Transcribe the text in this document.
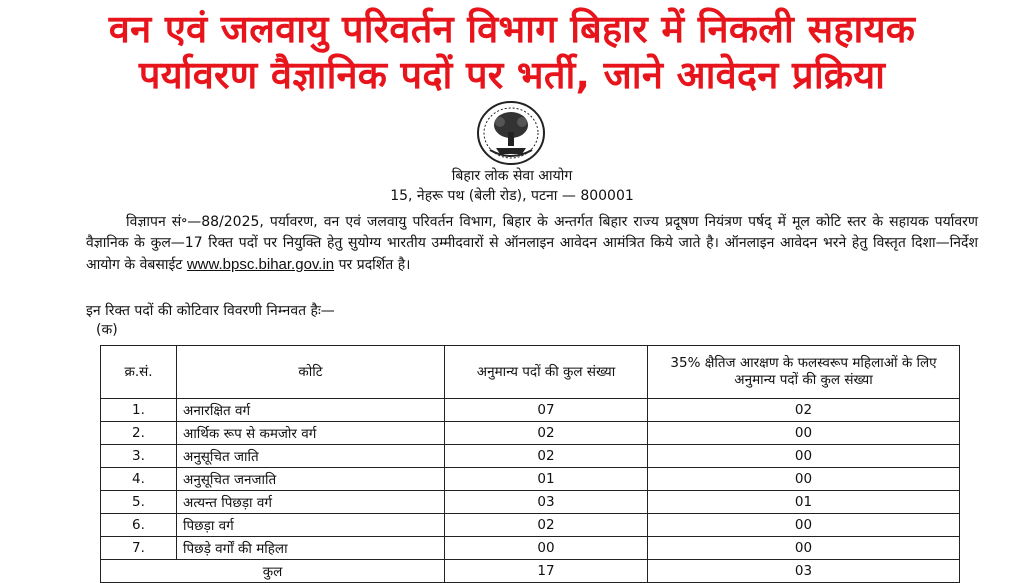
वन एवं जलवायु परिवर्तन विभाग बिहार में निकली सहायक
पर्यावरण वैज्ञानिक पदों पर भर्ती, जाने आवेदन प्रक्रिया
बिहार लोक सेवा आयोग
15, नेहरू पथ (बेली रोड), पटना — 800001
विज्ञापन सं॰—88/2025, पर्यावरण, वन एवं जलवायु परिवर्तन विभाग, बिहार के अन्तर्गत बिहार राज्य प्रदूषण नियंत्रण पर्षद् में मूल कोटि स्तर के सहायक पर्यावरण वैज्ञानिक के कुल—17 रिक्त पदों पर नियुक्ति हेतु सुयोग्य भारतीय उम्मीदवारों से ऑनलाइन आवेदन आमंत्रित किये जाते है। ऑनलाइन आवेदन भरने हेतु विस्तृत दिशा—निर्देश आयोग के वेबसाईट www.bpsc.bihar.gov.in पर प्रदर्शित है।
इन रिक्त पदों की कोटिवार विवरणी निम्नवत हैः—
(क)
क्र.सं.	कोटि	अनुमान्य पदों की कुल संख्या	35% क्षैतिज आरक्षण के फलस्वरूप महिलाओं के लिए अनुमान्य पदों की कुल संख्या
1.	अनारक्षित वर्ग	07	02
2.	आर्थिक रूप से कमजोर वर्ग	02	00
3.	अनुसूचित जाति	02	00
4.	अनुसूचित जनजाति	01	00
5.	अत्यन्त पिछड़ा वर्ग	03	01
6.	पिछड़ा वर्ग	02	00
7.	पिछड़े वर्गों की महिला	00	00
कुल		17	03
